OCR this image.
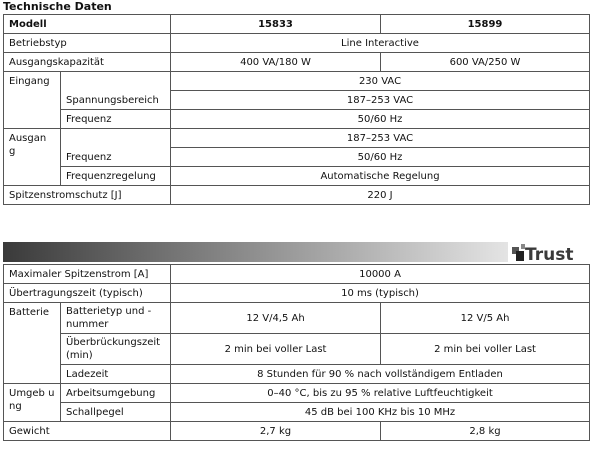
Technische Daten
Modell		15833	15899
Betriebstyp		Line Interactive	
Ausgangskapazität		400 VA/180 W	600 VA/250 W
Eingang		230 VAC	
	Spannungsbereich	187–253 VAC	
	Frequenz	50/60 Hz	
Ausgan g		187–253 VAC	
	Frequenz	50/60 Hz	
	Frequenzregelung	Automatische Regelung	
Spitzenstromschutz [J]		220 J	
Trust
Maximaler Spitzenstrom [A]		10000 A	
Übertragungszeit (typisch)		10 ms (typisch)	
Batterie	Batterietyp und - nummer	12 V/4,5 Ah	12 V/5 Ah
	Überbrückungszeit (min)	2 min bei voller Last	2 min bei voller Last
	Ladezeit	8 Stunden für 90 % nach vollständigem Entladen	
Umgeb ung	Arbeitsumgebung	0–40 °C, bis zu 95 % relative Luftfeuchtigkeit	
	Schallpegel	45 dB bei 100 KHz bis 10 MHz	
Gewicht		2,7 kg	2,8 kg
